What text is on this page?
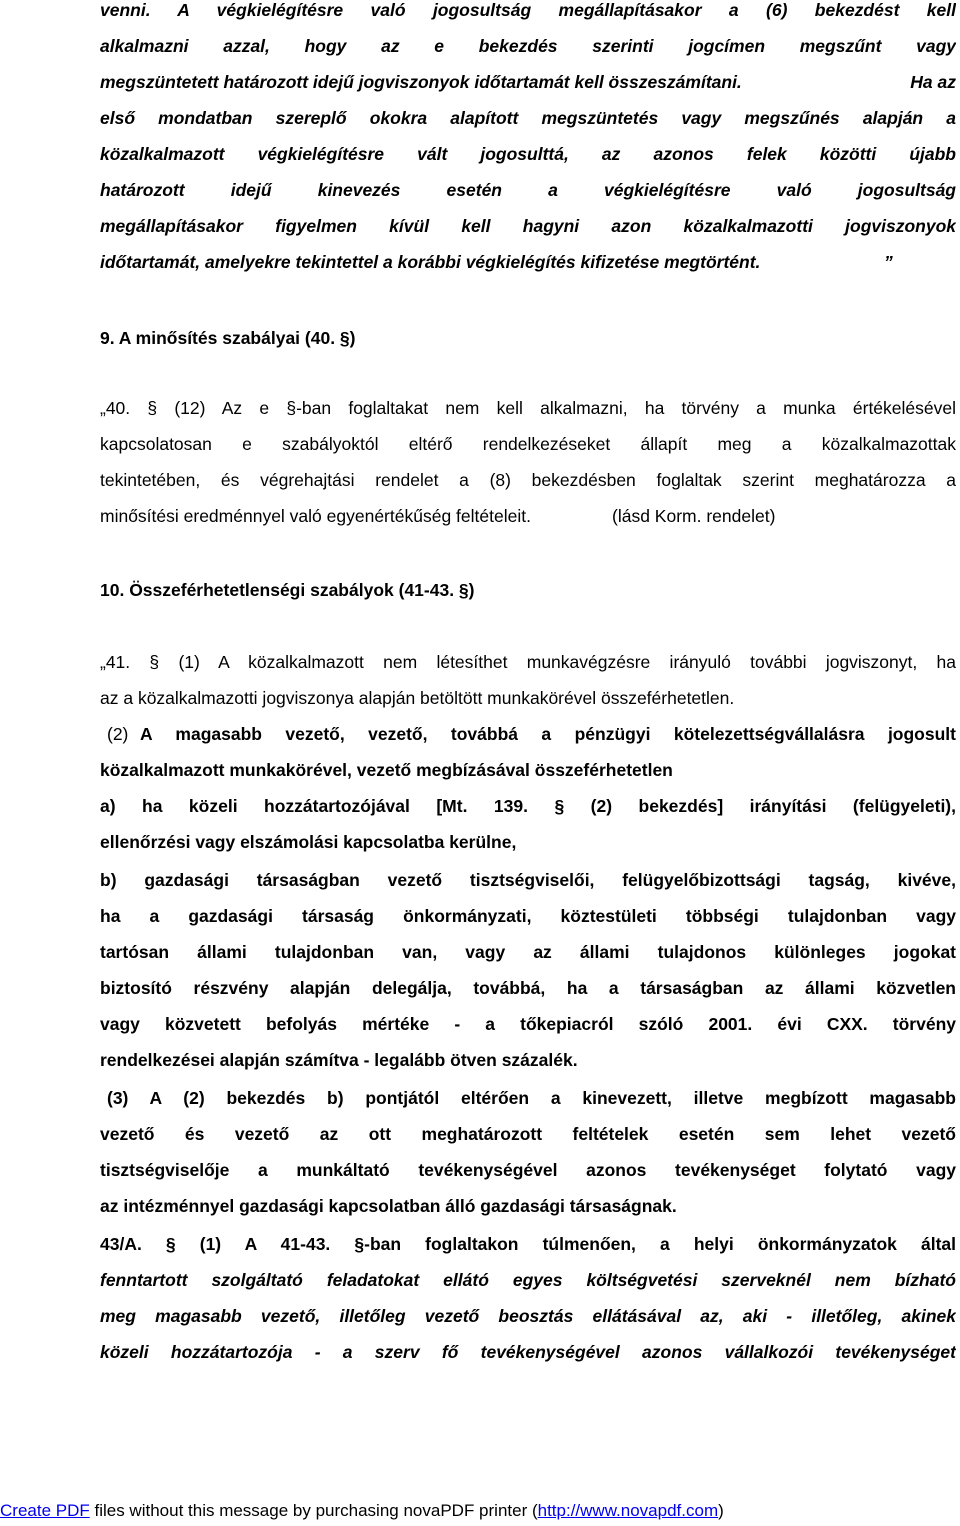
venni. A végkielégítésre való jogosultság megállapításakor a (6) bekezdést kell
alkalmazni azzal, hogy az e bekezdés szerinti jogcímen megszűnt vagy
megszüntetett határozott idejű jogviszonyok időtartamát kell összeszámítani.	Ha az
első mondatban szereplő okokra alapított megszüntetés vagy megszűnés alapján a
közalkalmazott végkielégítésre vált jogosulttá, az azonos felek közötti újabb
határozott idejű kinevezés esetén a végkielégítésre való jogosultság
megállapításakor figyelmen kívül kell hagyni azon közalkalmazotti jogviszonyok
időtartamát, amelyekre tekintettel a korábbi végkielégítés kifizetése megtörtént.	”
9. A minősítés szabályai (40. §)
„40. § (12) Az e §-ban foglaltakat nem kell alkalmazni, ha törvény a munka értékelésével
kapcsolatosan e szabályoktól eltérő rendelkezéseket állapít meg a közalkalmazottak
tekintetében, és végrehajtási rendelet a (8) bekezdésben foglaltak szerint meghatározza a
minősítési eredménnyel való egyenértékűség feltételeit.	(lásd Korm. rendelet)
10. Összeférhetetlenségi szabályok (41-43. §)
„41. § (1) A közalkalmazott nem létesíthet munkavégzésre irányuló további jogviszonyt, ha
az a közalkalmazotti jogviszonya alapján betöltött munkakörével összeférhetetlen.
(2) A magasabb vezető, vezető, továbbá a pénzügyi kötelezettségvállalásra jogosult
közalkalmazott munkakörével, vezető megbízásával összeférhetetlen
a) ha közeli hozzátartozójával [Mt. 139. § (2) bekezdés] irányítási (felügyeleti),
ellenőrzési vagy elszámolási kapcsolatba kerülne,
b) gazdasági társaságban vezető tisztségviselői, felügyelőbizottsági tagság, kivéve,
ha a gazdasági társaság önkormányzati, köztestületi többségi tulajdonban vagy
tartósan állami tulajdonban van, vagy az állami tulajdonos különleges jogokat
biztosító részvény alapján delegálja, továbbá, ha a társaságban az állami közvetlen
vagy közvetett befolyás mértéke - a tőkepiacról szóló 2001. évi CXX. törvény
rendelkezései alapján számítva - legalább ötven százalék.
(3) A (2) bekezdés b) pontjától eltérően a kinevezett, illetve megbízott magasabb
vezető és vezető az ott meghatározott feltételek esetén sem lehet vezető
tisztségviselője a munkáltató tevékenységével azonos tevékenységet folytató vagy
az intézménnyel gazdasági kapcsolatban álló gazdasági társaságnak.
43/A. § (1) A 41-43. §-ban foglaltakon túlmenően, a helyi önkormányzatok által
fenntartott szolgáltató feladatokat ellátó egyes költségvetési szerveknél nem bízható
meg magasabb vezető, illetőleg vezető beosztás ellátásával az, aki - illetőleg, akinek
közeli hozzátartozója - a szerv fő tevékenységével azonos vállalkozói tevékenységet
Create PDF files without this message by purchasing novaPDF printer (http://www.novapdf.com)
